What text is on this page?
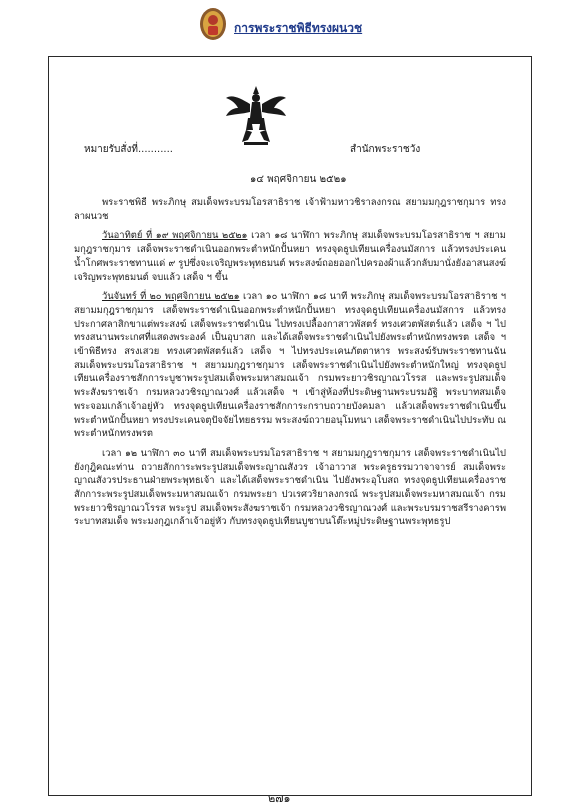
การพระราชพิธีทรงผนวช
หมายรับสั่งที่...........	สำนักพระราชวัง
๑๔ พฤศจิกายน ๒๕๒๑

พระราชพิธี พระภิกษุ สมเด็จพระบรมโอรสาธิราช เจ้าฟ้ามหาวชิราลงกรณ สยามมกุฎราชกุมาร ทรงลาผนวช

วันอาทิตย์ ที่ ๑๙ พฤศจิกายน ๒๕๒๑ เวลา ๑๘ นาฬิกา พระภิกษุ สมเด็จพระบรมโอรสาธิราช ฯ สยามมกุฎราชกุมาร เสด็จพระราชดำเนินออกพระตำหนักปั้นหยา ทรงจุดธูปเทียนเครื่องนมัสการ แล้วทรงประเคนน้ำโกศพระราชทานแด่ ๙ รูปซึ่งจะเจริญพระพุทธมนต์ พระสงฆ์ถอยออกไปครองผ้าแล้วกลับมานั่งยังอาสนสงฆ์ เจริญพระพุทธมนต์ จบแล้ว เสด็จ ฯ ขึ้น

วันจันทร์ ที่ ๒๐ พฤศจิกายน ๒๕๒๑ เวลา ๑๐ นาฬิกา ๑๘ นาที พระภิกษุ สมเด็จพระบรมโอรสาธิราช ฯ สยามมกุฎราชกุมาร เสด็จพระราชดำเนินออกพระตำหนักปั้นหยา ทรงจุดธูปเทียนเครื่องนมัสการ แล้วทรงประกาศลาสิกขาแต่พระสงฆ์ เสด็จพระราชดำเนิน ไปทรงเปลื้องกาสาวพัสตร์ ทรงเศวตพัสตร์แล้ว เสด็จ ฯ ไปทรงสนานพระเกศที่แสดงพระองค์ เป็นอุบาสก และได้เสด็จพระราชดำเนินไปยังพระตำหนักทรงพรต เสด็จ ฯ เข้าพิธีทรง สรงเสวย ทรงเศวตพัสตร์แล้ว เสด็จ ฯ ไปทรงประเคนภัตตาหาร พระสงฆ์รับพระราชทานฉัน สมเด็จพระบรมโอรสาธิราช ฯ สยามมกุฎราชกุมาร เสด็จพระราชดำเนินไปยังพระตำหนักใหญ่ ทรงจุดธูปเทียนเครื่องราชสักการะบูชาพระรูปสมเด็จพระมหาสมณเจ้า กรมพระยาวชิรญาณวโรรส และพระรูปสมเด็จพระสังฆราชเจ้า กรมหลวงวชิรญาณวงศ์ แล้วเสด็จ ฯ เข้าสู่ห้องที่ประดิษฐานพระบรมอัฐิ พระบาทสมเด็จพระจอมเกล้าเจ้าอยู่หัว ทรงจุดธูปเทียนเครื่องราชสักการะกราบถวายบังคมลา แล้วเสด็จพระราชดำเนินขึ้นพระตำหนักปั้นหยา ทรงประเคนจตุปัจจัยไทยธรรม พระสงฆ์ถวายอนุโมทนา เสด็จพระราชดำเนินไปประทับ ณ พระตำหนักทรงพรต

เวลา ๑๒ นาฬิกา ๓๐ นาที สมเด็จพระบรมโอรสาธิราช ฯ สยามมกุฎราชกุมาร เสด็จพระราชดำเนินไปยังกุฎิคณะท่าน ถวายสักการะพระรูปสมเด็จพระญาณสังวร เจ้าอาวาส พระครูธรรมวาจาจารย์ สมเด็จพระญาณสังวรประธานฝ่ายพระพุทธเจ้า และได้เสด็จพระราชดำเนิน ไปยังพระอุโบสถ ทรงจุดธูปเทียนเครื่องราชสักการะพระรูปสมเด็จพระมหาสมณเจ้า กรมพระยา ปวเรศวริยาลงกรณ์ พระรูปสมเด็จพระมหาสมณเจ้า กรมพระยาวชิรญาณวโรรส พระรูป สมเด็จพระสังฆราชเจ้า กรมหลวงวชิรญาณวงศ์ และพระบรมราชสรีรางคารพระบาทสมเด็จ พระมงกุฎเกล้าเจ้าอยู่หัว กับทรงจุดธูปเทียนบูชาบนโต๊ะหมู่ประดิษฐานพระพุทธรูป

๒๗๑
